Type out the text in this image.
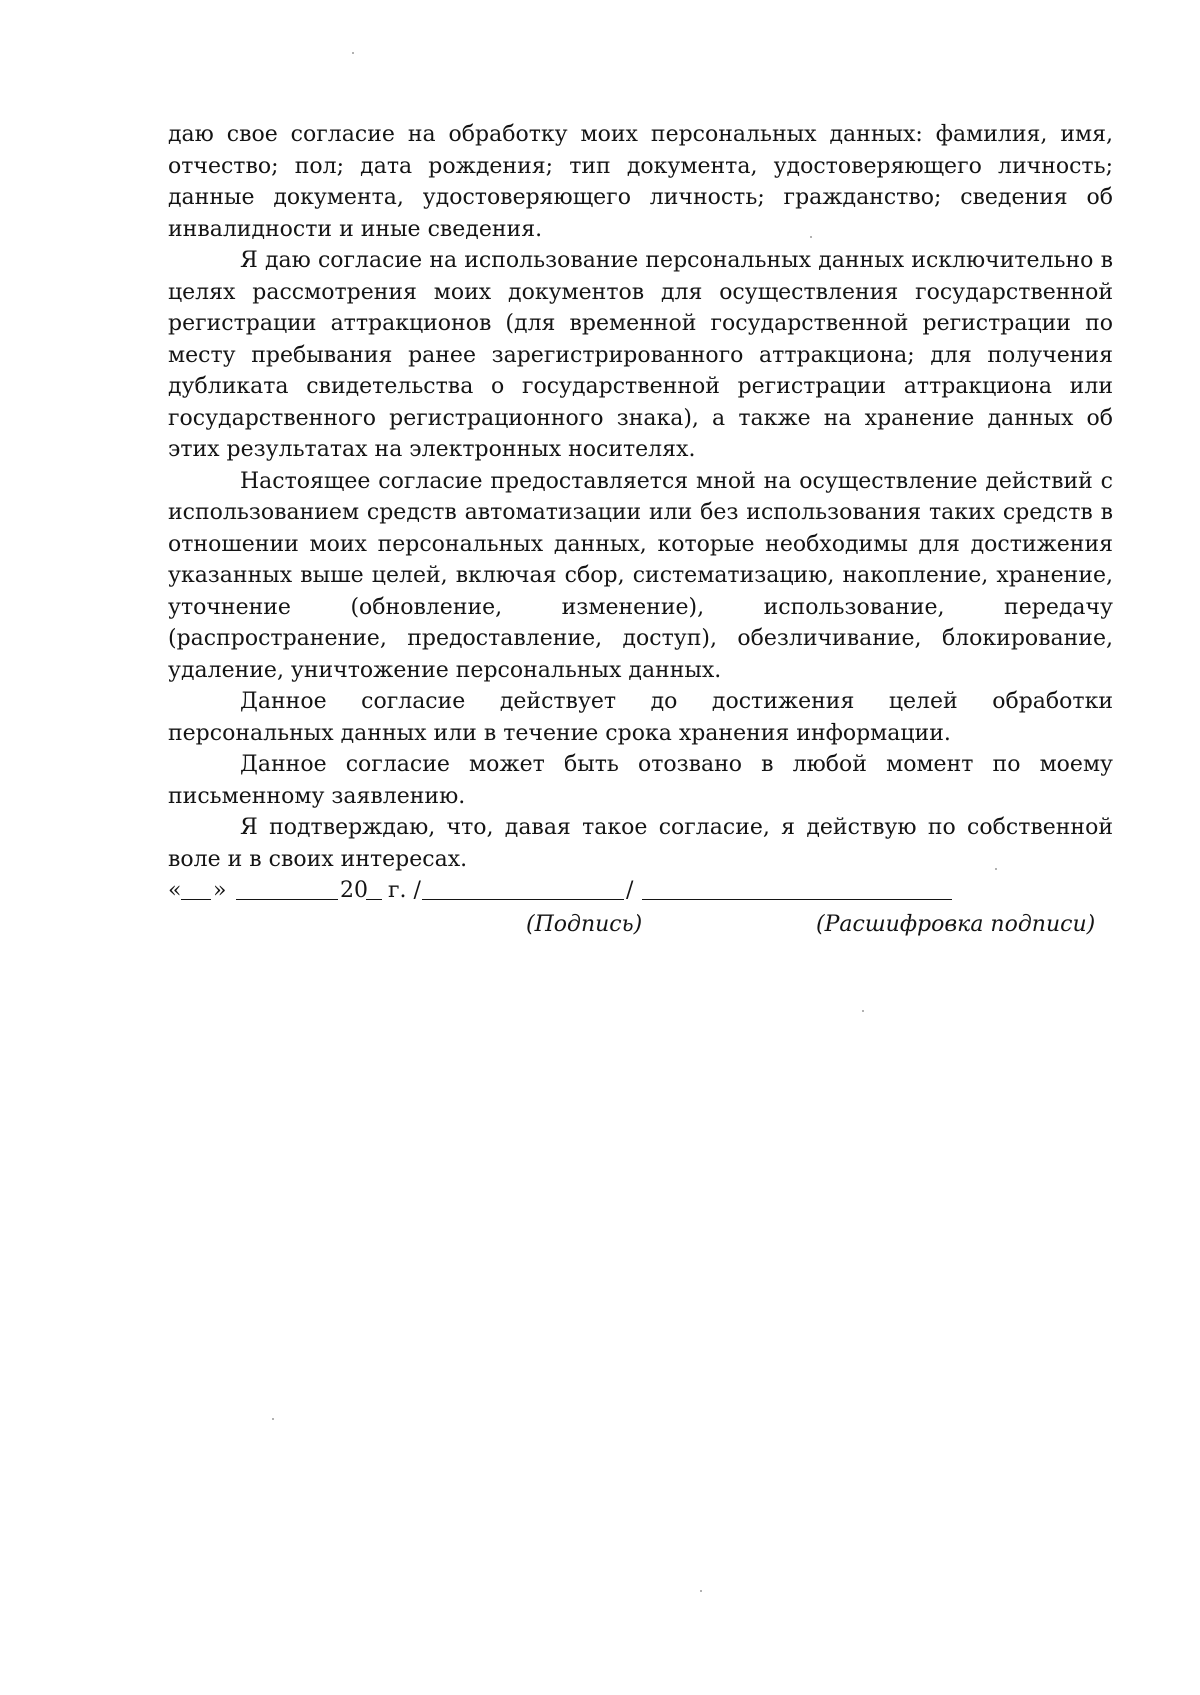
даю свое согласие на обработку моих персональных данных: фамилия, имя, отчество; пол; дата рождения; тип документа, удостоверяющего личность; данные документа, удостоверяющего личность; гражданство; сведения об инвалидности и иные сведения.

Я даю согласие на использование персональных данных исключительно в целях рассмотрения моих документов для осуществления государственной регистрации аттракционов (для временной государственной регистрации по месту пребывания ранее зарегистрированного аттракциона; для получения дубликата свидетельства о государственной регистрации аттракциона или государственного регистрационного знака), а также на хранение данных об этих результатах на электронных носителях.

Настоящее согласие предоставляется мной на осуществление действий с использованием средств автоматизации или без использования таких средств в отношении моих персональных данных, которые необходимы для достижения указанных выше целей, включая сбор, систематизацию, накопление, хранение, уточнение (обновление, изменение), использование, передачу (распространение, предоставление, доступ), обезличивание, блокирование, удаление, уничтожение персональных данных.

Данное согласие действует до достижения целей обработки персональных данных или в течение срока хранения информации.

Данное согласие может быть отозвано в любой момент по моему письменному заявлению.

Я подтверждаю, что, давая такое согласие, я действую по собственной воле и в своих интересах.

« »	20 г. /	/
(Подпись)	(Расшифровка подписи)
